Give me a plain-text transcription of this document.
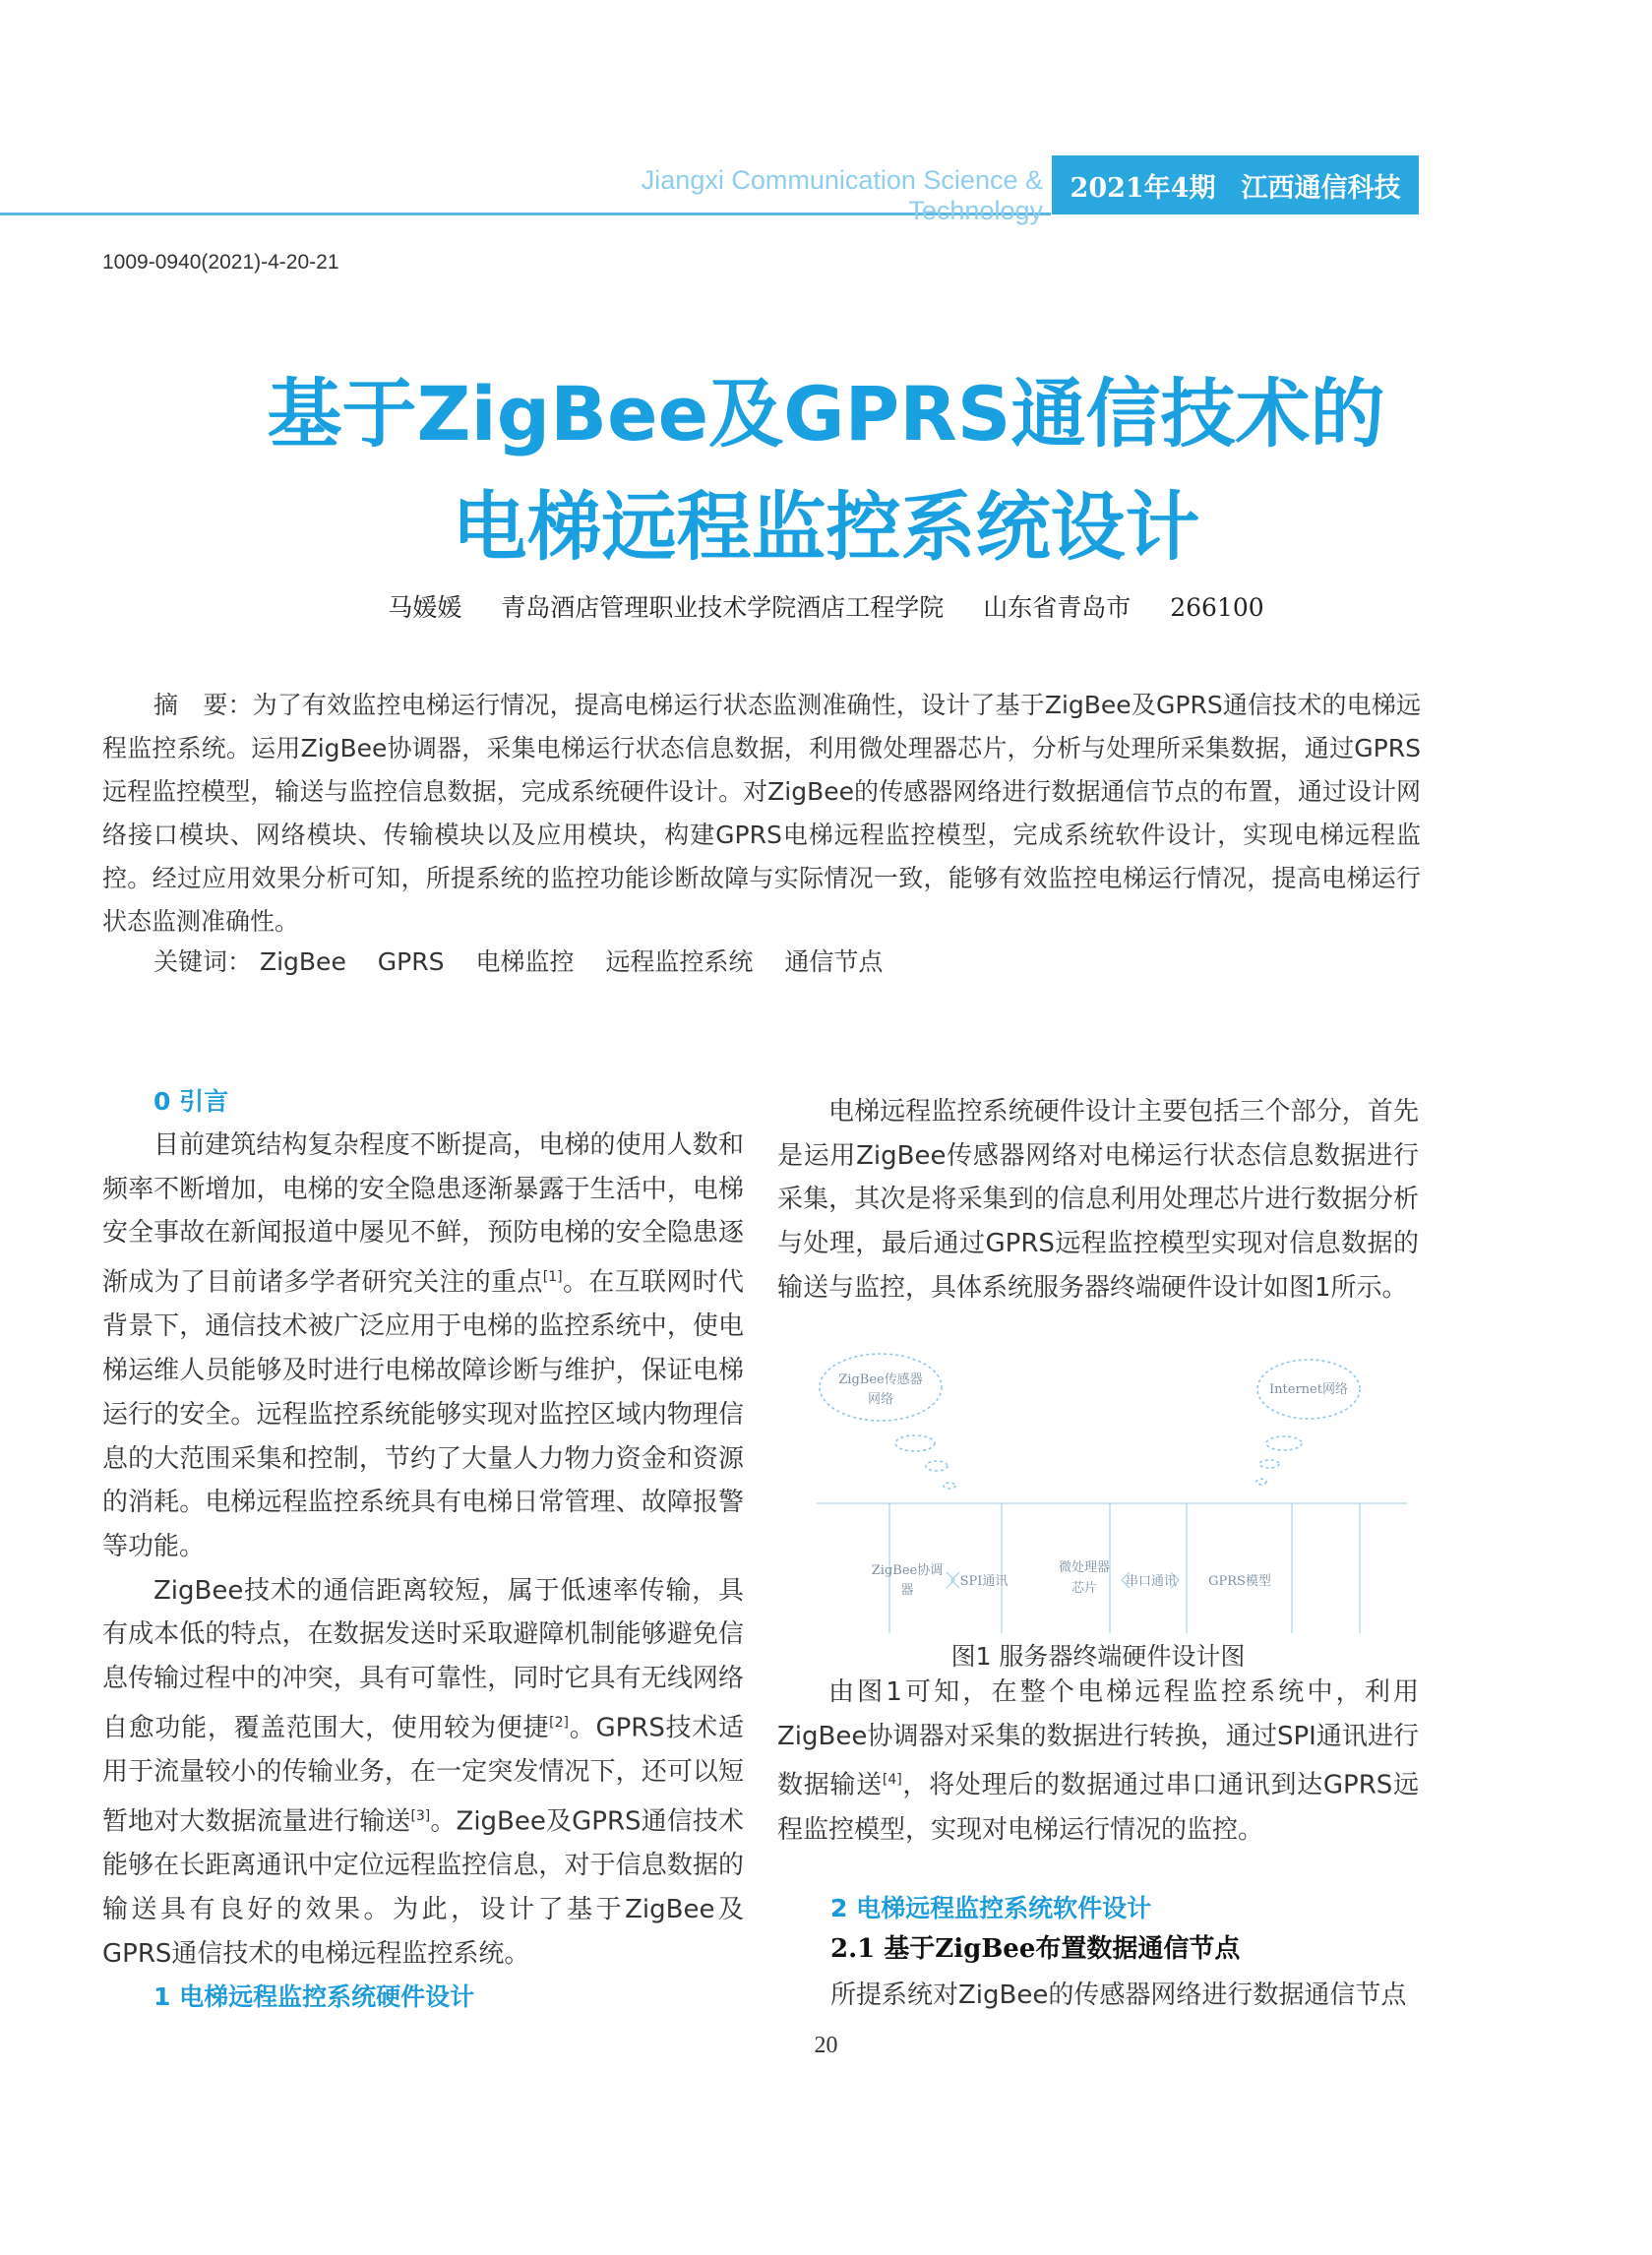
Jiangxi Communication Science & Technology
2021年4期 江西通信科技
1009-0940(2021)-4-20-21
基于ZigBee及GPRS通信技术的
电梯远程监控系统设计
马媛媛 青岛酒店管理职业技术学院酒店工程学院 山东省青岛市 266100
摘　要：为了有效监控电梯运行情况，提高电梯运行状态监测准确性，设计了基于ZigBee及GPRS通信技术的电梯远程监控系统。运用ZigBee协调器，采集电梯运行状态信息数据，利用微处理器芯片，分析与处理所采集数据，通过GPRS远程监控模型，输送与监控信息数据，完成系统硬件设计。对ZigBee的传感器网络进行数据通信节点的布置，通过设计网络接口模块、网络模块、传输模块以及应用模块，构建GPRS电梯远程监控模型，完成系统软件设计，实现电梯远程监控。经过应用效果分析可知，所提系统的监控功能诊断故障与实际情况一致，能够有效监控电梯运行情况，提高电梯运行状态监测准确性。
关键词： ZigBee GPRS 电梯监控 远程监控系统 通信节点
0 引言

目前建筑结构复杂程度不断提高，电梯的使用人数和频率不断增加，电梯的安全隐患逐渐暴露于生活中，电梯安全事故在新闻报道中屡见不鲜，预防电梯的安全隐患逐渐成为了目前诸多学者研究关注的重点[1]。在互联网时代背景下，通信技术被广泛应用于电梯的监控系统中，使电梯运维人员能够及时进行电梯故障诊断与维护，保证电梯运行的安全。远程监控系统能够实现对监控区域内物理信息的大范围采集和控制，节约了大量人力物力资金和资源的消耗。电梯远程监控系统具有电梯日常管理、故障报警等功能。

ZigBee技术的通信距离较短，属于低速率传输，具有成本低的特点，在数据发送时采取避障机制能够避免信息传输过程中的冲突，具有可靠性，同时它具有无线网络自愈功能，覆盖范围大，使用较为便捷[2]。GPRS技术适用于流量较小的传输业务，在一定突发情况下，还可以短暂地对大数据流量进行输送[3]。ZigBee及GPRS通信技术能够在长距离通讯中定位远程监控信息，对于信息数据的输送具有良好的效果。为此，设计了基于ZigBee及GPRS通信技术的电梯远程监控系统。

1 电梯远程监控系统硬件设计

电梯远程监控系统硬件设计主要包括三个部分，首先是运用ZigBee传感器网络对电梯运行状态信息数据进行采集，其次是将采集到的信息利用处理芯片进行数据分析与处理，最后通过GPRS远程监控模型实现对信息数据的输送与监控，具体系统服务器终端硬件设计如图1所示。

ZigBee传感器
网络
Internet网络
ZigBee协调
器
SPI通讯
微处理器
芯片 串口通讯 GPRS模型
图1 服务器终端硬件设计图

由图1可知，在整个电梯远程监控系统中，利用ZigBee协调器对采集的数据进行转换，通过SPI通讯进行数据输送[4]，将处理后的数据通过串口通讯到达GPRS远程监控模型，实现对电梯运行情况的监控。

2 电梯远程监控系统软件设计
2.1 基于ZigBee布置数据通信节点
所提系统对ZigBee的传感器网络进行数据通信节点
20
